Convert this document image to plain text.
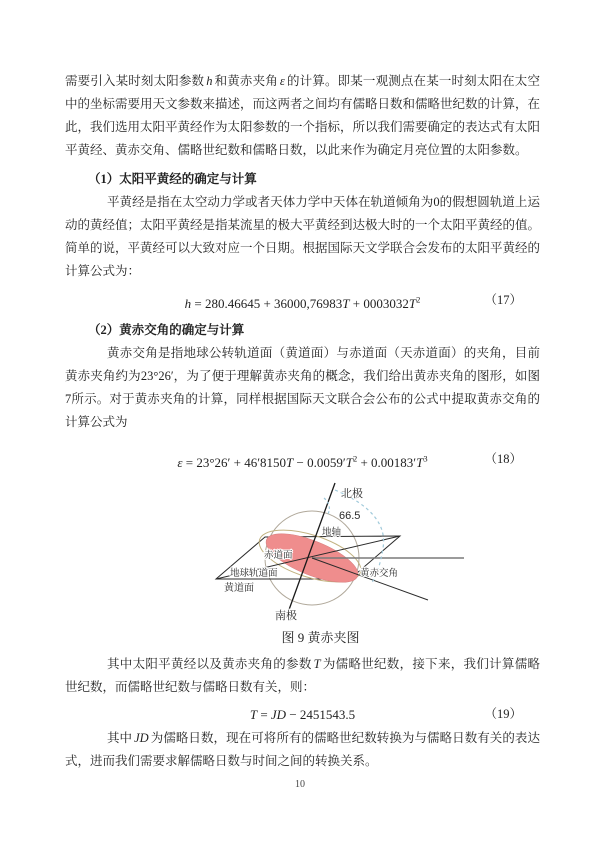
需要引入某时刻太阳参数 h 和黄赤夹角 ε 的计算。即某一观测点在某一时刻太阳在太空中的坐标需要用天文参数来描述，而这两者之间均有儒略日数和儒略世纪数的计算，在此，我们选用太阳平黄经作为太阳参数的一个指标，所以我们需要确定的表达式有太阳平黄经、黄赤交角、儒略世纪数和儒略日数，以此来作为确定月亮位置的太阳参数。

（1）太阳平黄经的确定与计算

平黄经是指在太空动力学或者天体力学中天体在轨道倾角为0的假想圆轨道上运动的黄经值；太阳平黄经是指某流星的极大平黄经到达极大时的一个太阳平黄经的值。简单的说，平黄经可以大致对应一个日期。根据国际天文学联合会发布的太阳平黄经的计算公式为：

$h = 280.46645 + 36000,76983T + 0003032T^2$	（17）

（2）黄赤交角的确定与计算

黄赤交角是指地球公转轨道面（黄道面）与赤道面（天赤道面）的夹角，目前黄赤夹角约为23°26′，为了便于理解黄赤夹角的概念，我们给出黄赤夹角的图形，如图7所示。对于黄赤夹角的计算，同样根据国际天文联合会公布的公式中提取黄赤交角的计算公式为

$\varepsilon = 23^\circ 26' + 46'8150T - 0.0059'T^2 + 0.00183'T^3$	（18）
北极
66.5
地轴
赤道面
地球轨道面
黄道面
黄赤交角
南极
图 9 黄赤夹图

其中太阳平黄经以及黄赤夹角的参数 T 为儒略世纪数，接下来，我们计算儒略世纪数，而儒略世纪数与儒略日数有关，则：

T = JD − 2451543.5	（19）

其中 JD 为儒略日数，现在可将所有的儒略世纪数转换为与儒略日数有关的表达式，进而我们需要求解儒略日数与时间之间的转换关系。

10
